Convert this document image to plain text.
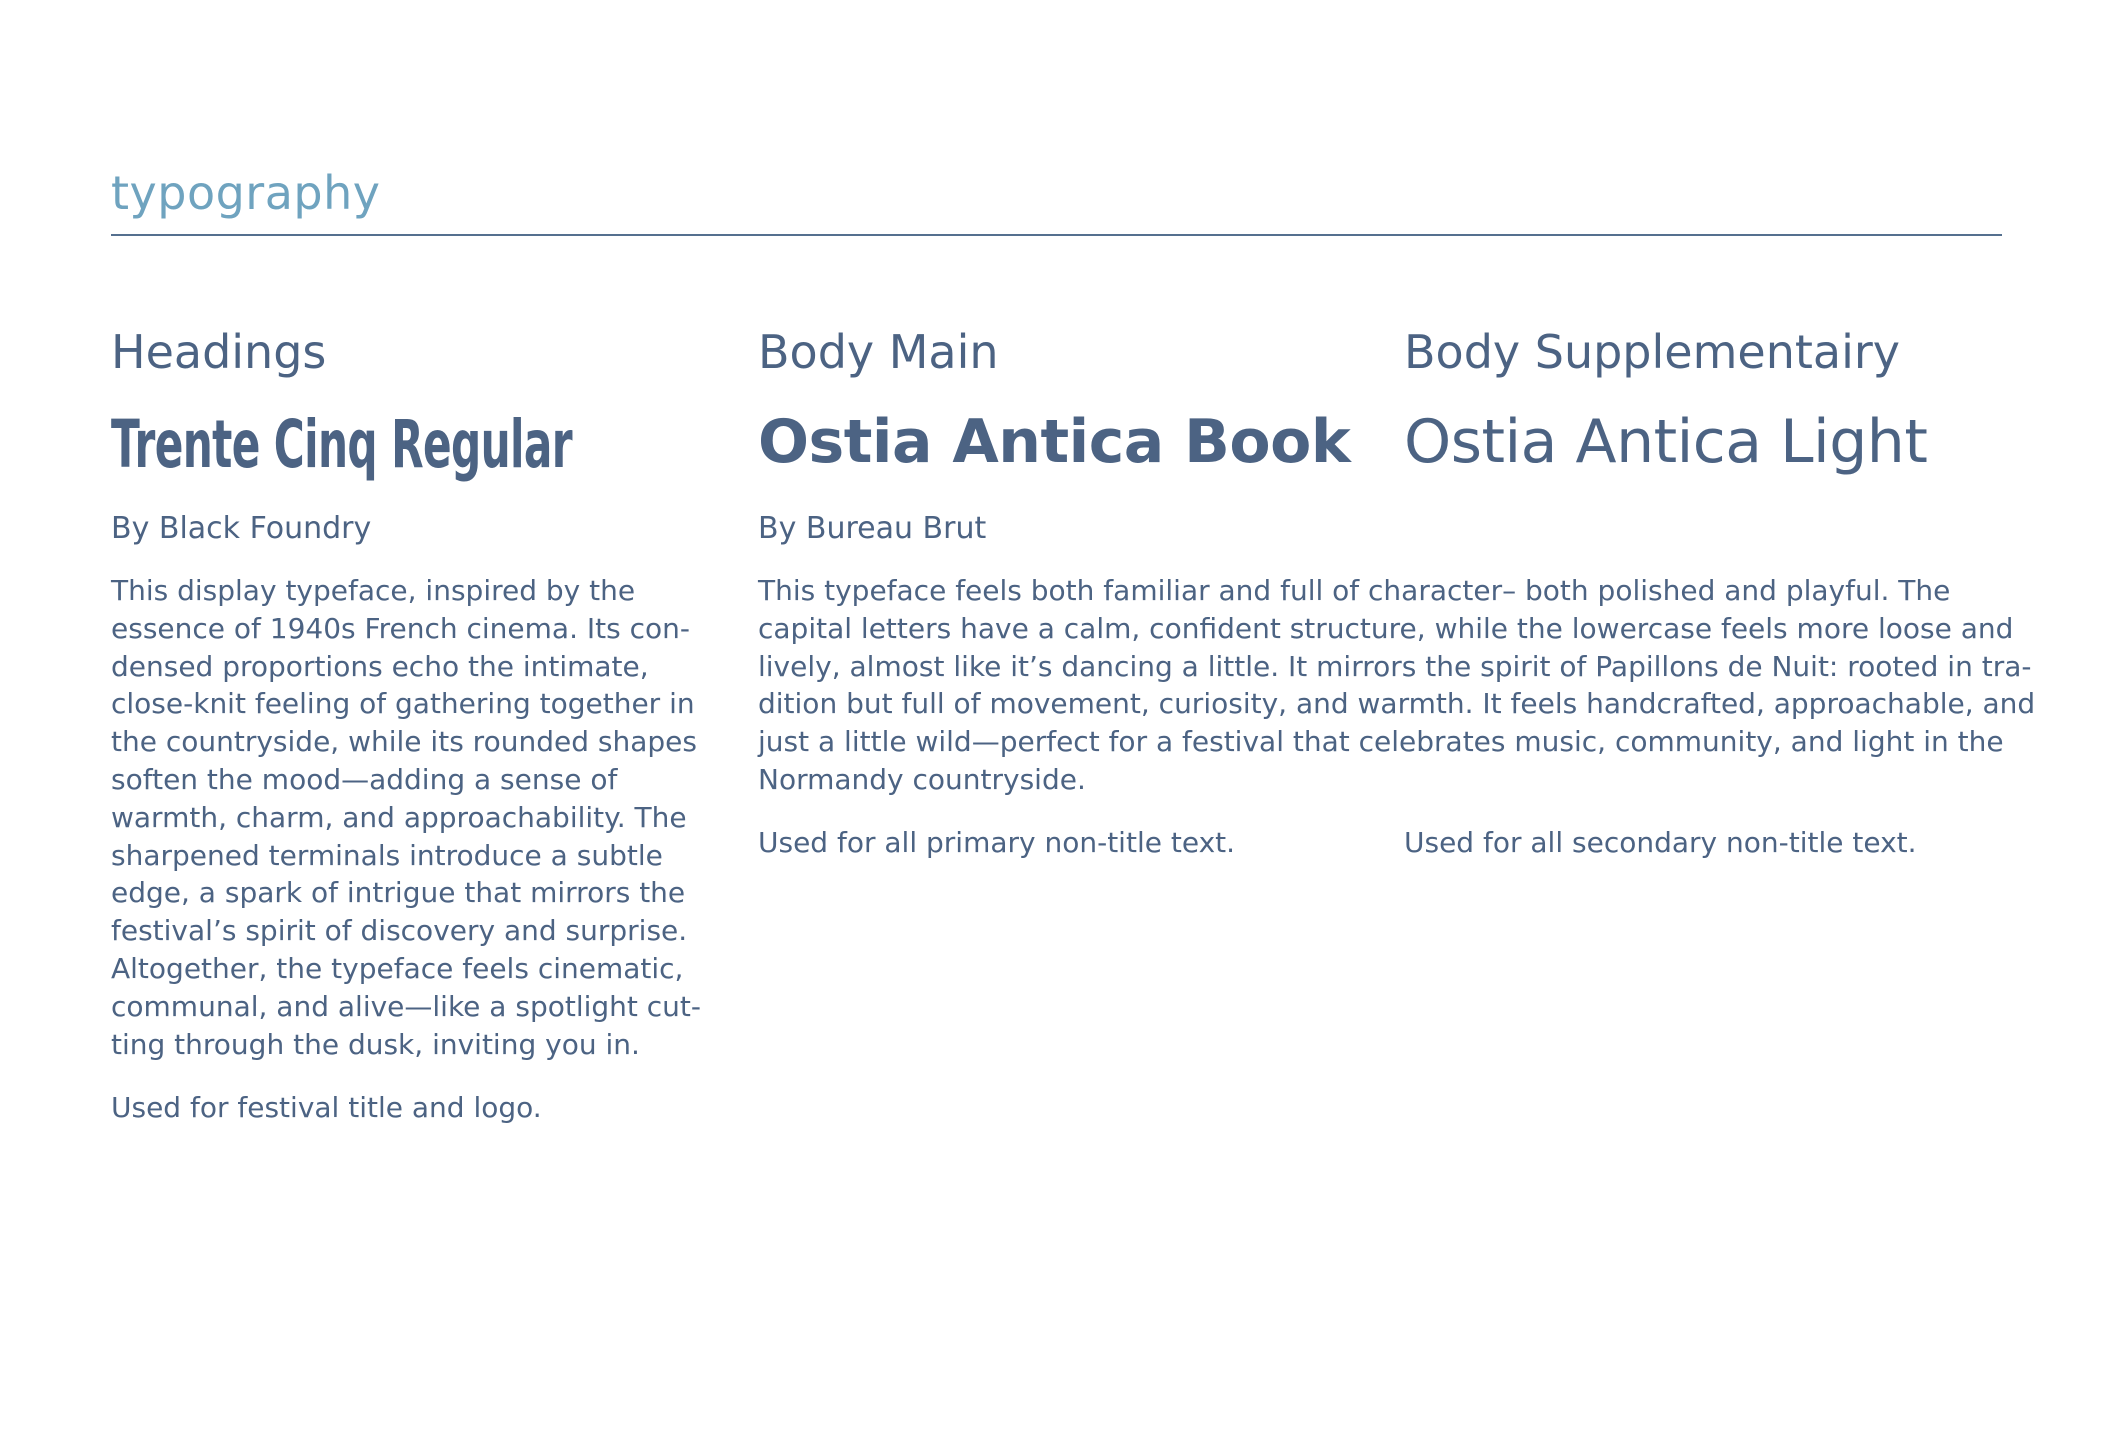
typography
Headings
Trente Cinq Regular
By Black Foundry
This display typeface, inspired by the
essence of 1940s French cinema. Its con-
densed proportions echo the intimate,
close-knit feeling of gathering together in
the countryside, while its rounded shapes
soften the mood—adding a sense of
warmth, charm, and approachability. The
sharpened terminals introduce a subtle
edge, a spark of intrigue that mirrors the
festival’s spirit of discovery and surprise.
Altogether, the typeface feels cinematic,
communal, and alive—like a spotlight cut-
ting through the dusk, inviting you in.
Used for festival title and logo.
Body Main
Ostia Antica Book
By Bureau Brut
This typeface feels both familiar and full of character– both polished and playful. The
capital letters have a calm, confident structure, while the lowercase feels more loose and
lively, almost like it’s dancing a little. It mirrors the spirit of Papillons de Nuit: rooted in tra-
dition but full of movement, curiosity, and warmth. It feels handcrafted, approachable, and
just a little wild—perfect for a festival that celebrates music, community, and light in the
Normandy countryside.
Used for all primary non-title text.
Body Supplementairy
Ostia Antica Light
Used for all secondary non-title text.
